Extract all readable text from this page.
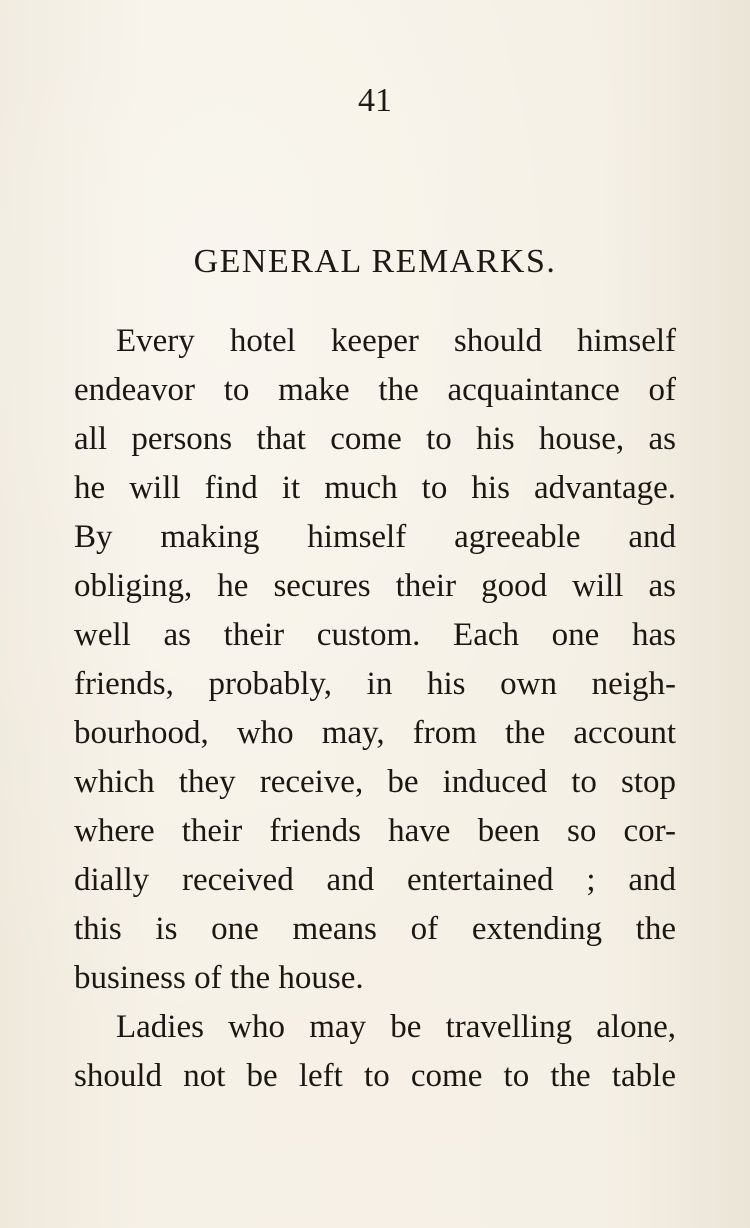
41
GENERAL REMARKS.
Every hotel keeper should himself
endeavor to make the acquaintance of
all persons that come to his house, as
he will find it much to his advantage.
By making himself agreeable and
obliging, he secures their good will as
well as their custom. Each one has
friends, probably, in his own neigh-
bourhood, who may, from the account
which they receive, be induced to stop
where their friends have been so cor-
dially received and entertained ; and
this is one means of extending the
business of the house.
Ladies who may be travelling alone,
should not be left to come to the table
